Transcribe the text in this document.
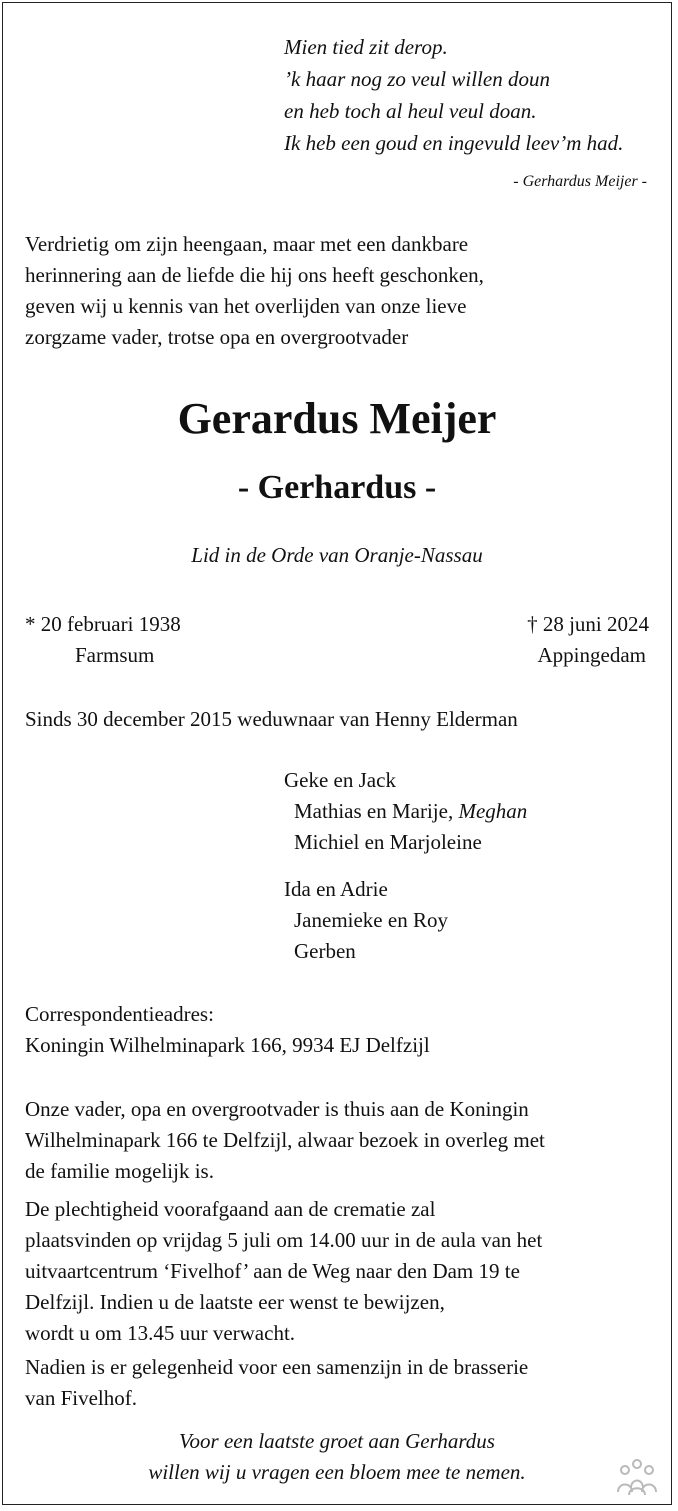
Mien tied zit derop.
’k haar nog zo veul willen doun
en heb toch al heul veul doan.
Ik heb een goud en ingevuld leev’m had.
- Gerhardus Meijer -
Verdrietig om zijn heengaan, maar met een dankbare
herinnering aan de liefde die hij ons heeft geschonken,
geven wij u kennis van het overlijden van onze lieve
zorgzame vader, trotse opa en overgrootvader
Gerardus Meijer
- Gerhardus -
Lid in de Orde van Oranje-Nassau
* 20 februari 1938
Farmsum
† 28 juni 2024
Appingedam
Sinds 30 december 2015 weduwnaar van Henny Elderman
Geke en Jack
Mathias en Marije, Meghan
Michiel en Marjoleine
Ida en Adrie
Janemieke en Roy
Gerben
Correspondentieadres:
Koningin Wilhelminapark 166, 9934 EJ Delfzijl
Onze vader, opa en overgrootvader is thuis aan de Koningin
Wilhelminapark 166 te Delfzijl, alwaar bezoek in overleg met
de familie mogelijk is.
De plechtigheid voorafgaand aan de crematie zal
plaatsvinden op vrijdag 5 juli om 14.00 uur in de aula van het
uitvaartcentrum ‘Fivelhof’ aan de Weg naar den Dam 19 te
Delfzijl. Indien u de laatste eer wenst te bewijzen,
wordt u om 13.45 uur verwacht.
Nadien is er gelegenheid voor een samenzijn in de brasserie
van Fivelhof.
Voor een laatste groet aan Gerhardus
willen wij u vragen een bloem mee te nemen.
